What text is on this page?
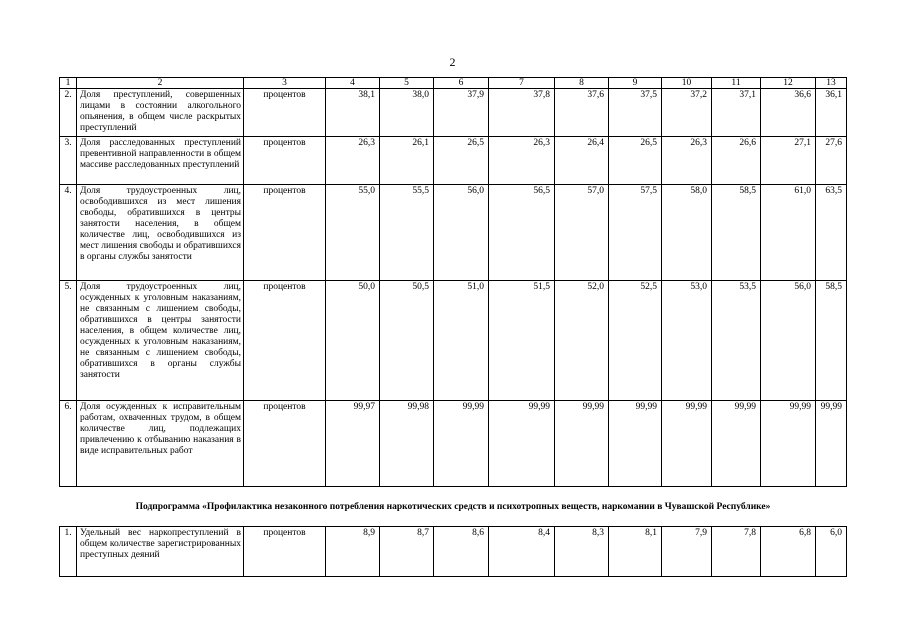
2
1	2	3	4	5	6	7	8	9	10	11	12	13
2.	Доля преступлений, совершенных лицами в состоянии алкогольного опьянения, в общем числе раскрытых преступлений	процентов	38,1	38,0	37,9	37,8	37,6	37,5	37,2	37,1	36,6	36,1
3.	Доля расследованных преступлений превентивной направленности в общем массиве расследованных преступлений	процентов	26,3	26,1	26,5	26,3	26,4	26,5	26,3	26,6	27,1	27,6
4.	Доля трудоустроенных лиц, освободившихся из мест лишения свободы, обратившихся в центры занятости населения, в общем количестве лиц, освободившихся из мест лишения свободы и обратившихся в органы службы занятости	процентов	55,0	55,5	56,0	56,5	57,0	57,5	58,0	58,5	61,0	63,5
5.	Доля трудоустроенных лиц, осужденных к уголовным наказаниям, не связанным с лишением свободы, обратившихся в центры занятости населения, в общем количестве лиц, осужденных к уголовным наказаниям, не связанным с лишением свободы, обратившихся в органы службы занятости	процентов	50,0	50,5	51,0	51,5	52,0	52,5	53,0	53,5	56,0	58,5
6.	Доля осужденных к исправительным работам, охваченных трудом, в общем количестве лиц, подлежащих привлечению к отбыванию наказания в виде исправительных работ	процентов	99,97	99,98	99,99	99,99	99,99	99,99	99,99	99,99	99,99	99,99

Подпрограмма «Профилактика незаконного потребления наркотических средств и психотропных веществ, наркомании в Чувашской Республике»												

1.	Удельный вес наркопреступлений в общем количестве зарегистрированных преступных деяний	процентов	8,9	8,7	8,6	8,4	8,3	8,1	7,9	7,8	6,8	6,0
